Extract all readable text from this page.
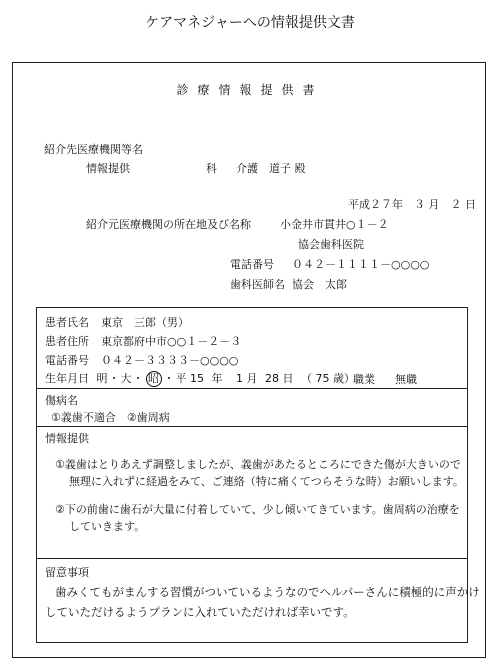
ケアマネジャーへの情報提供文書
診療情報提供書
紹介先医療機関等名
情報提供	科 介護　道子 殿
平成２７年　３ 月　２ 日
紹介元医療機関の所在地及び名称	小金井市貫井○１－２
協会歯科医院
電話番号 ０４２－１１１１－○○○○
歯科医師名 協会　太郎
患者氏名 東京　三郎（男）
患者住所 東京都府中市○○１－２－３
電話番号 ０４２－３３３３－○○○○
生年月日 明・大・ 昭 ・平 15 年 1 月 28 日 （ 75 歳）
職業 無職
傷病名
①義歯不適合　②歯周病
情報提供
①義歯はとりあえず調整しましたが、義歯があたるところにできた傷が大きいので
無理に入れずに経過をみて、ご連絡（特に痛くてつらそうな時）お願いします。
②下の前歯に歯石が大量に付着していて、少し傾いてきています。歯周病の治療を
していきます。
留意事項
歯みくてもがまんする習慣がついているようなのでヘルパーさんに積極的に声かけ
していただけるようプランに入れていただければ幸いです。
